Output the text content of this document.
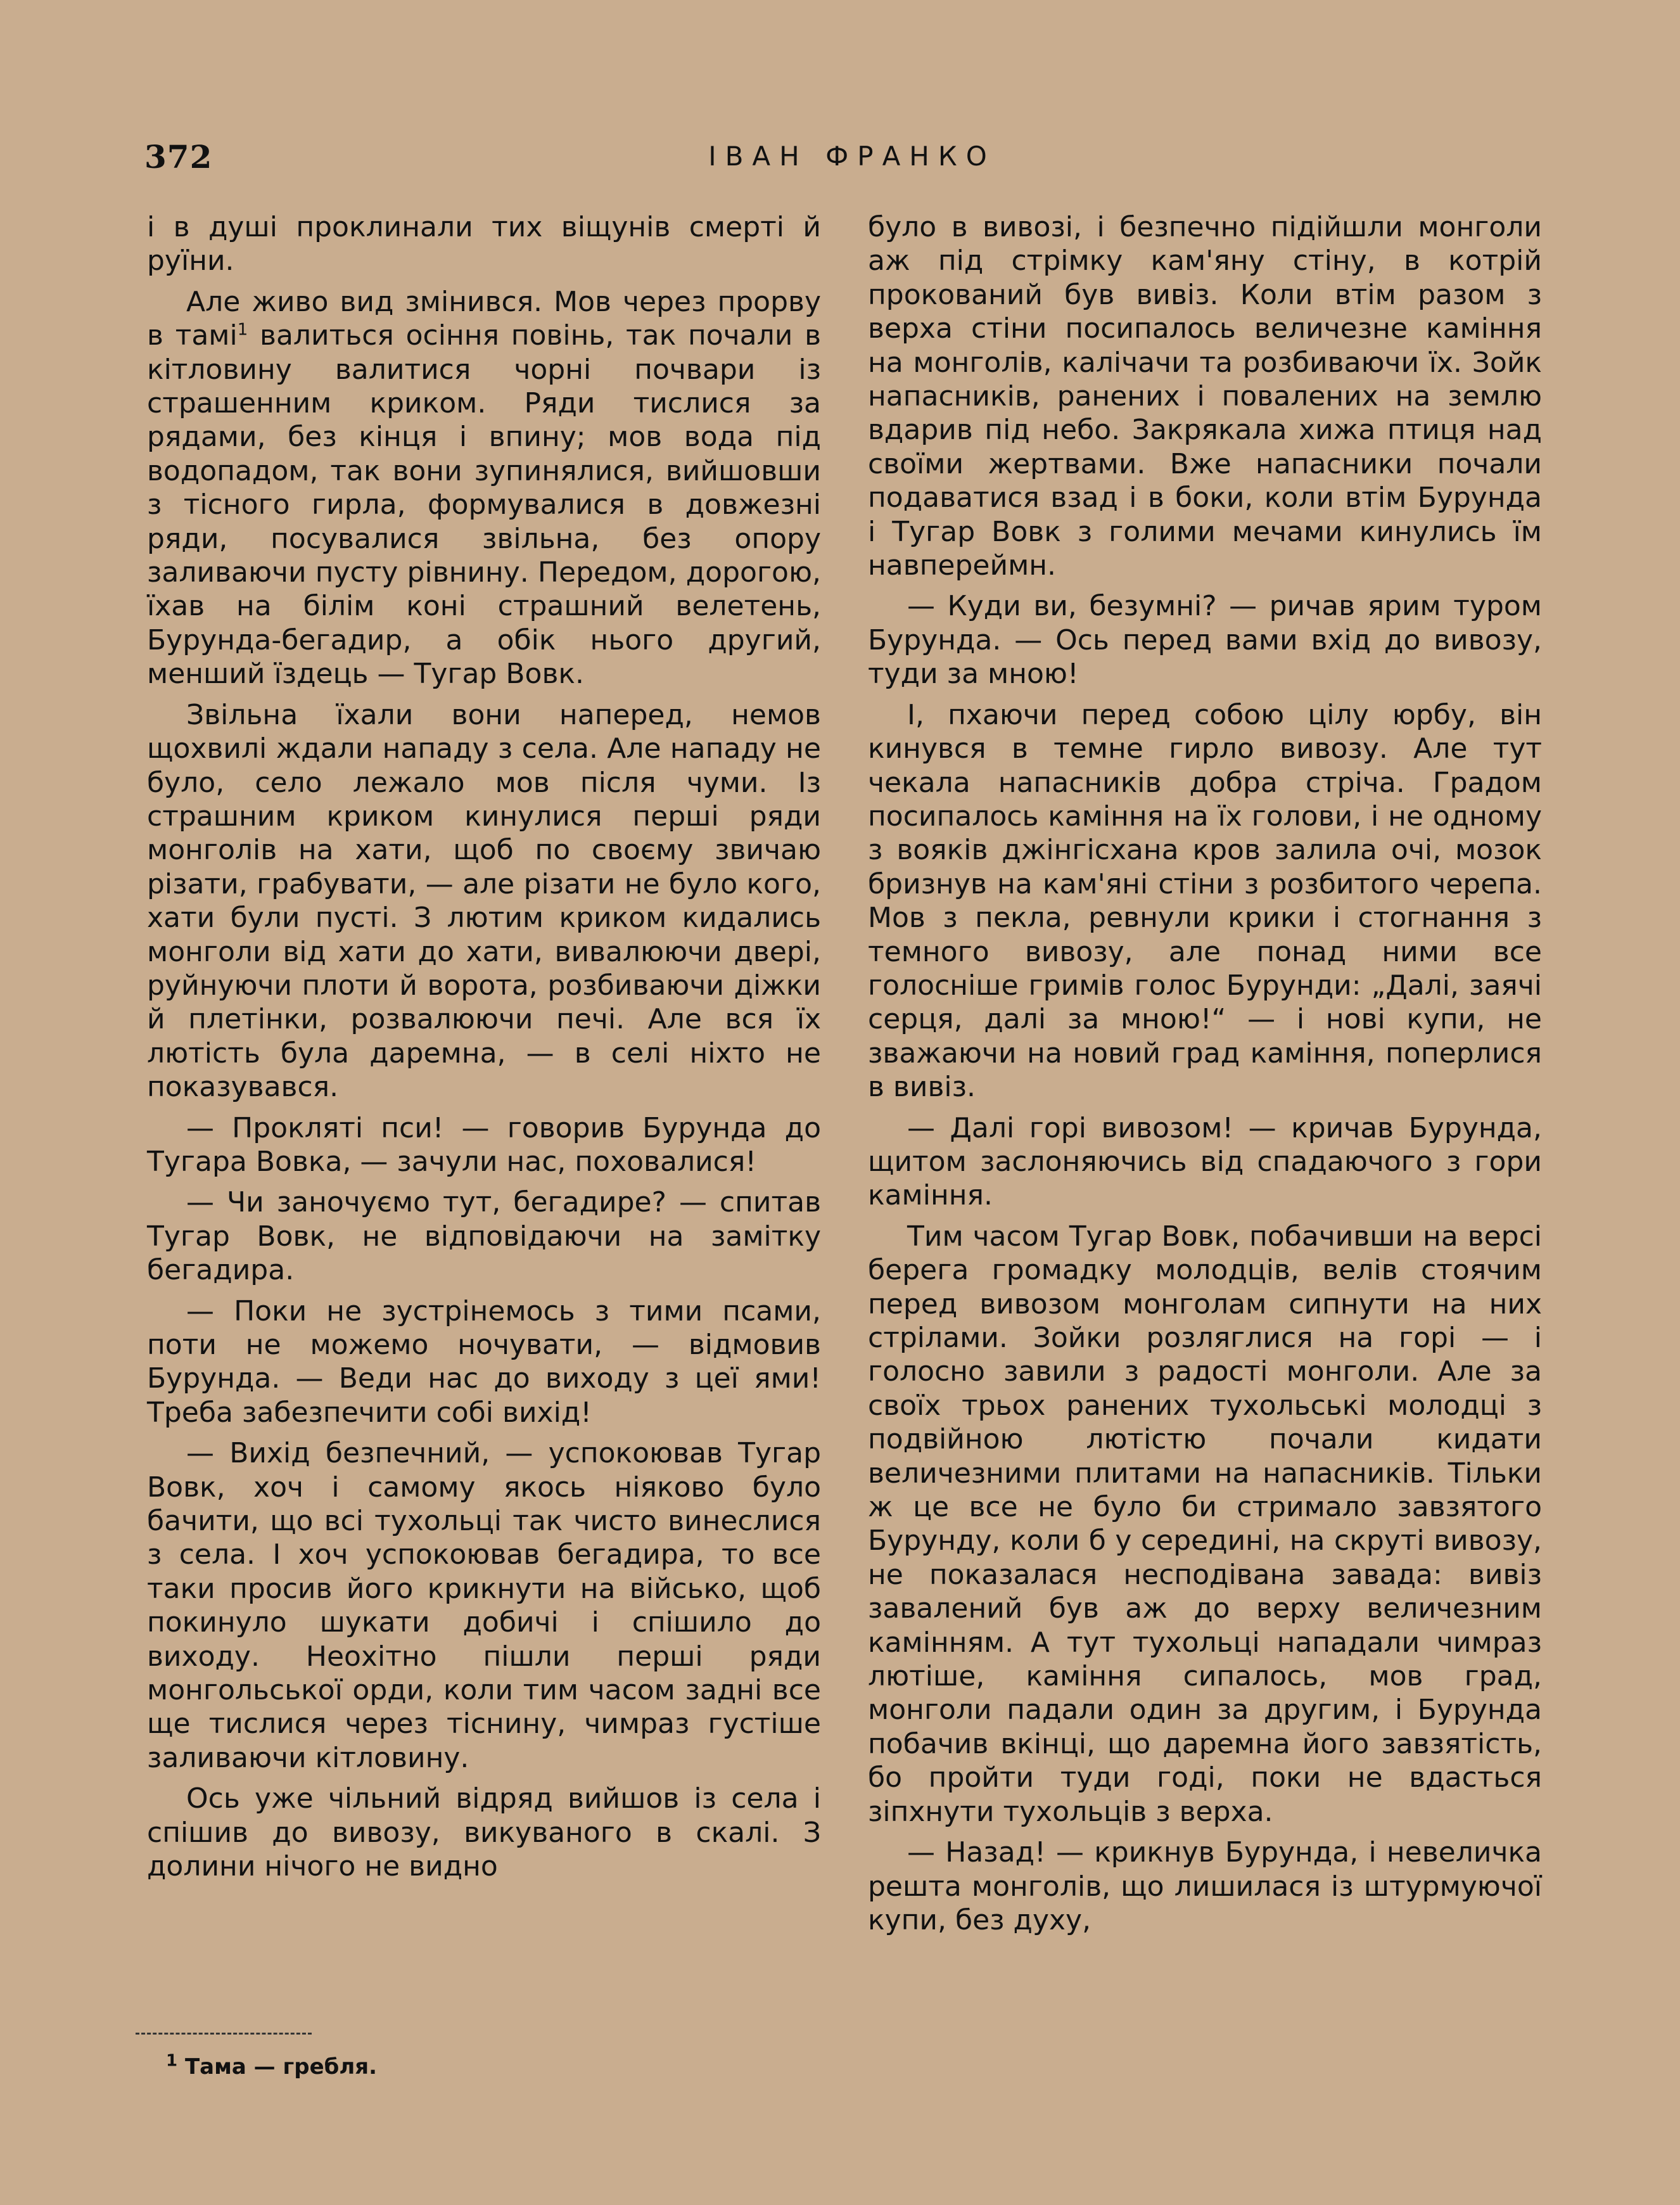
372	ІВАН ФРАНКО

і в душі проклинали тих віщунів смерті й руїни.

Але живо вид змінився. Мов через прорву в тамі$^1$ валиться осіння повінь, так почали в кітловину валитися чорні почвари із страшенним криком. Ряди тислися за рядами, без кінця і впину; мов вода під водопадом, так вони зупинялися, вийшовши з тісного гирла, формувалися в довжезні ряди, посувалися звільна, без опору заливаючи пусту рівнину. Передом, дорогою, їхав на білім коні страшний велетень, Бурунда-бегадир, а обік нього другий, менший їздець — Тугар Вовк.

Звільна їхали вони наперед, немов щохвилі ждали нападу з села. Але нападу не було, село лежало мов після чуми. Із страшним криком кинулися перші ряди монголів на хати, щоб по своєму звичаю різати, грабувати, — але різати не було кого, хати були пусті. З лютим криком кидались монголи від хати до хати, вивалюючи двері, руйнуючи плоти й ворота, розбиваючи діжки й плетінки, розвалюючи печі. Але вся їх лютість була даремна, — в селі ніхто не показувався.

— Прокляті пси! — говорив Бурунда до Тугара Вовка, — зачули нас, поховалися!

— Чи заночуємо тут, бегадире? — спитав Тугар Вовк, не відповідаючи на замітку бегадира.

— Поки не зустрінемось з тими псами, поти не можемо ночувати, — відмовив Бурунда. — Веди нас до виходу з цеї ями! Треба забезпечити собі вихід!

— Вихід безпечний, — успокоював Тугар Вовк, хоч і самому якось ніяково було бачити, що всі тухольці так чисто винеслися з села. І хоч успокоював бегадира, то все таки просив його крикнути на військо, щоб покинуло шукати добичі і спішило до виходу. Неохітно пішли перші ряди монгольської орди, коли тим часом задні все ще тислися через тіснину, чимраз густіше заливаючи кітловину.

Ось уже чільний відряд вийшов із села і спішив до вивозу, викуваного в скалі. З долини нічого не видно

було в вивозі, і безпечно підійшли монголи аж під стрімку кам'яну стіну, в котрій прокований був вивіз. Коли втім разом з верха стіни посипалось величезне каміння на монголів, калічачи та розбиваючи їх. Зойк напасників, ранених і повалених на землю вдарив під небо. Закрякала хижа птиця над своїми жертвами. Вже напасники почали подаватися взад і в боки, коли втім Бурунда і Тугар Вовк з голими мечами кинулись їм навпереймн.

— Куди ви, безумні? — ричав ярим туром Бурунда. — Ось перед вами вхід до вивозу, туди за мною!

І, пхаючи перед собою цілу юрбу, він кинувся в темне гирло вивозу. Але тут чекала напасників добра стріча. Градом посипалось каміння на їх голови, і не одному з вояків джінгісхана кров залила очі, мозок бризнув на кам'яні стіни з розбитого черепа. Мов з пекла, ревнули крики і стогнання з темного вивозу, але понад ними все голосніше гримів голос Бурунди: „Далі, заячі серця, далі за мною!“ — і нові купи, не зважаючи на новий град каміння, поперлися в вивіз.

— Далі горі вивозом! — кричав Бурунда, щитом заслоняючись від спадаючого з гори каміння.

Тим часом Тугар Вовк, побачивши на версі берега громадку молодців, велів стоячим перед вивозом монголам сипнути на них стрілами. Зойки розляглися на горі — і голосно завили з радості монголи. Але за своїх трьох ранених тухольські молодці з подвійною лютістю почали кидати величезними плитами на напасників. Тільки ж це все не було би стримало завзятого Бурунду, коли б у середині, на скруті вивозу, не показалася несподівана завада: вивіз завалений був аж до верху величезним камінням. А тут тухольці нападали чимраз лютіше, каміння сипалось, мов град, монголи падали один за другим, і Бурунда побачив вкінці, що даремна його завзятість, бо пройти туди годі, поки не вдасться зіпхнути тухольців з верха.

— Назад! — крикнув Бурунда, і невеличка решта монголів, що лишилася із штурмуючої купи, без духу,

$^1$ Тама — гребля.
